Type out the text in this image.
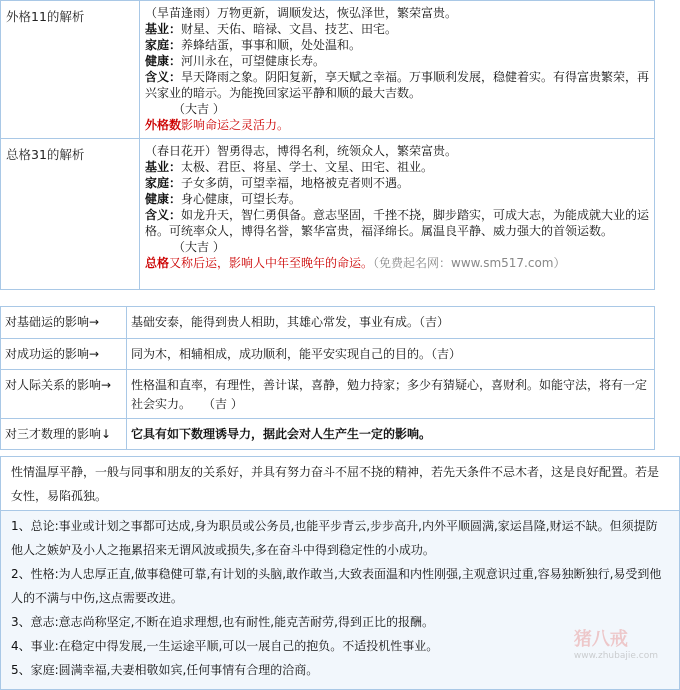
外格11的解析	（旱苗逢雨）万物更新，调顺发达，恢弘泽世，繁荣富贵。
基业：财星、天佑、暗禄、文昌、技艺、田宅。
家庭：养蜂结蛋，事事和顺，处处温和。
健康：河川永在，可望健康长寿。
含义：旱天降雨之象。阴阳复新，享天赋之幸福。万事顺利发展，稳健着实。有得富贵繁荣，再兴家业的暗示。为能挽回家运平静和顺的最大吉数。
（大吉 ）
外格数影响命运之灵活力。
总格31的解析	（春日花开）智勇得志，博得名利，统领众人，繁荣富贵。
基业：太极、君臣、将星、学士、文星、田宅、祖业。
家庭：子女多荫，可望幸福，地格被克者则不遇。
健康：身心健康，可望长寿。
含义：如龙升天，智仁勇俱备。意志坚固，千挫不挠，脚步踏实，可成大志，为能成就大业的运格。可统率众人，博得名誉，繁华富贵，福泽绵长。属温良平静、威力强大的首领运数。
（大吉 ）
总格又称后运，影响人中年至晚年的命运。（免费起名网：www.sm517.com）
对基础运的影响→	基础安泰，能得到贵人相助，其雄心常发，事业有成。（吉）
对成功运的影响→	同为木，相辅相成，成功顺利，能平安实现自己的目的。（吉）
对人际关系的影响→ 性格温和直率，有理性，善计谋，喜静，勉力持家；多少有猜疑心，喜财利。如能守法，将有一定社会实力。　　（吉 ）
对三才数理的影响↓ 它具有如下数理诱导力，据此会对人生产生一定的影响。
性情温厚平静，一般与同事和朋友的关系好，并具有努力奋斗不屈不挠的精神，若先天条件不忌木者，这是良好配置。若是女性，易陷孤独。
1、总论:事业或计划之事都可达成,身为职员或公务员,也能平步青云,步步高升,内外平顺圆满,家运昌隆,财运不缺。但须提防他人之嫉妒及小人之拖累招来无谓风波或损失,多在奋斗中得到稳定性的小成功。
2、性格:为人忠厚正直,做事稳健可靠,有计划的头脑,敢作敢当,大致表面温和内性刚强,主观意识过重,容易独断独行,易受到他人的不满与中伤,这点需要改进。
3、意志:意志尚称坚定,不断在追求理想,也有耐性,能克苦耐劳,得到正比的报酬。
4、事业:在稳定中得发展,一生运途平顺,可以一展自己的抱负。不适投机性事业。
5、家庭:圆满幸福,夫妻相敬如宾,任何事情有合理的洽商。
猪八戒
www.zhubajie.com
